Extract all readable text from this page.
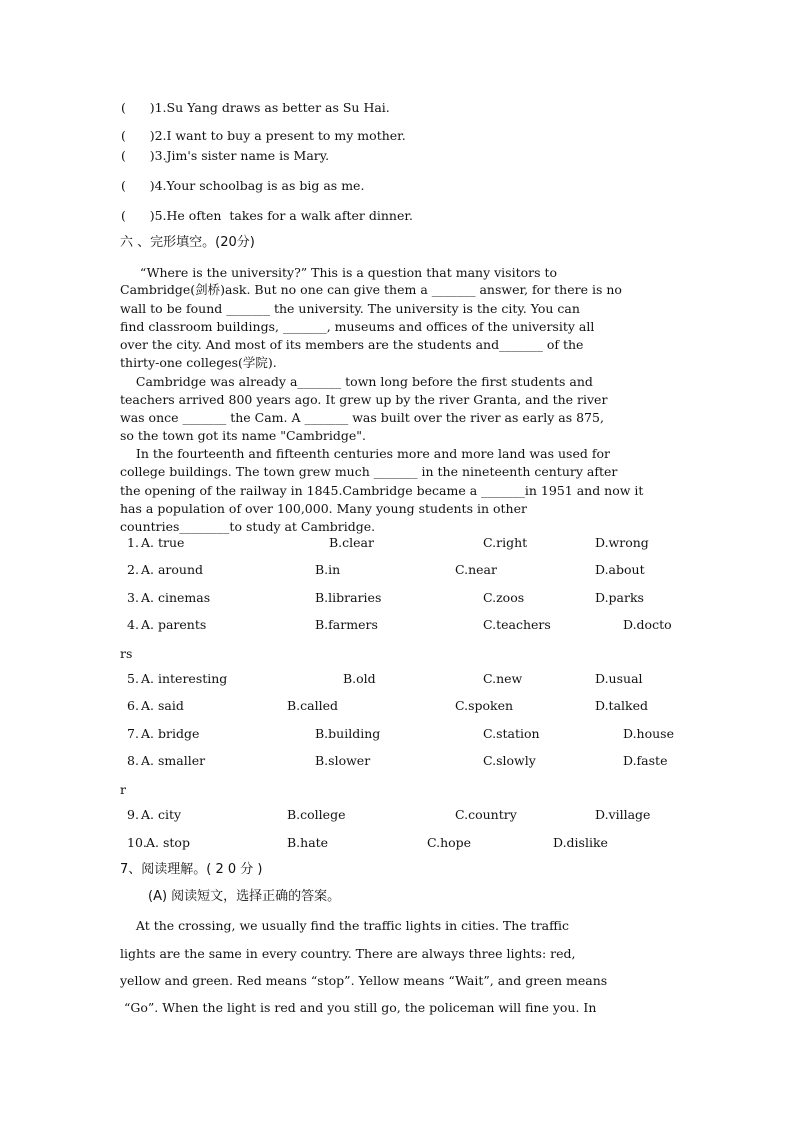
(      )1.Su Yang draws as better as Su Hai.
(      )2.I want to buy a present to my mother.
(      )3.Jim's sister name is Mary.
(      )4.Your schoolbag is as big as me.
(      )5.He often  takes for a walk after dinner.
六 、完形填空。(20分)
“Where is the university?” This is a question that many visitors to
Cambridge(剑桥)ask. But no one can give them a _______ answer, for there is no
wall to be found _______ the university. The university is the city. You can
find classroom buildings, _______, museums and offices of the university all
over the city. And most of its members are the students and_______ of the
thirty-one colleges(学院).
Cambridge was already a_______ town long before the first students and
teachers arrived 800 years ago. It grew up by the river Granta, and the river
was once _______ the Cam. A _______ was built over the river as early as 875,
so the town got its name "Cambridge".
In the fourteenth and fifteenth centuries more and more land was used for
college buildings. The town grew much _______ in the nineteenth century after
the opening of the railway in 1845.Cambridge became a _______in 1951 and now it
has a population of over 100,000. Many young students in other
countries________to study at Cambridge.
1. A. true	B.clear	C.right	D.wrong
2. A. around	B.in	C.near	D.about
3. A. cinemas	B.libraries	C.zoos	D.parks
4. A. parents	B.farmers	C.teachers	D.docto
rs
5. A. interesting	B.old	C.new	D.usual
6. A. said	B.called	C.spoken	D.talked
7. A. bridge	B.building	C.station	D.house
8. A. smaller	B.slower	C.slowly	D.faste
r
9. A. city	B.college	C.country	D.village
10. A. stop	B.hate	C.hope	D.dislike
7、阅读理解。( 2 0 分 )
(A) 阅读短文，选择正确的答案。
At the crossing, we usually find the traffic lights in cities. The traffic
lights are the same in every country. There are always three lights: red,
yellow and green. Red means “stop”. Yellow means “Wait”, and green means
“Go”. When the light is red and you still go, the policeman will fine you. In
